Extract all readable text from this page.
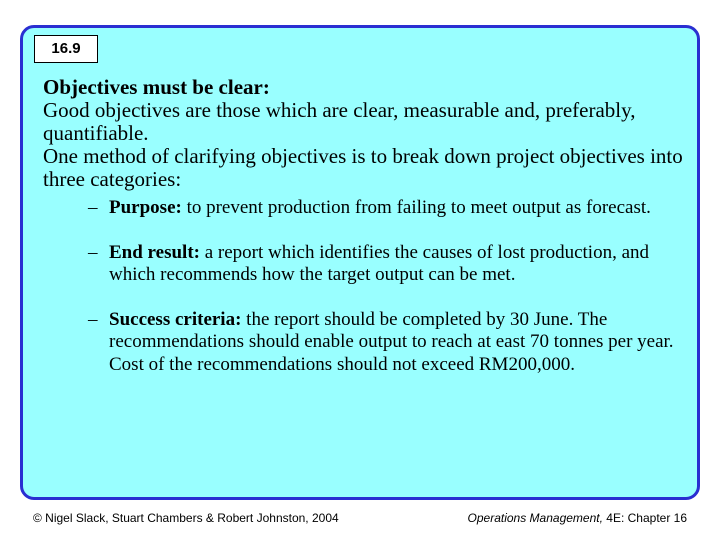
16.9

Objectives must be clear:

Good objectives are those which are clear, measurable and, preferably, quantifiable.

One method of clarifying objectives is to break down project objectives into three categories:

– Purpose: to prevent production from failing to meet output as forecast.
– End result: a report which identifies the causes of lost production, and which recommends how the target output can be met.
– Success criteria: the report should be completed by 30 June. The recommendations should enable output to reach at east 70 tonnes per year. Cost of the recommendations should not exceed RM200,000.
© Nigel Slack, Stuart Chambers & Robert Johnston, 2004	Operations Management, 4E: Chapter 16
